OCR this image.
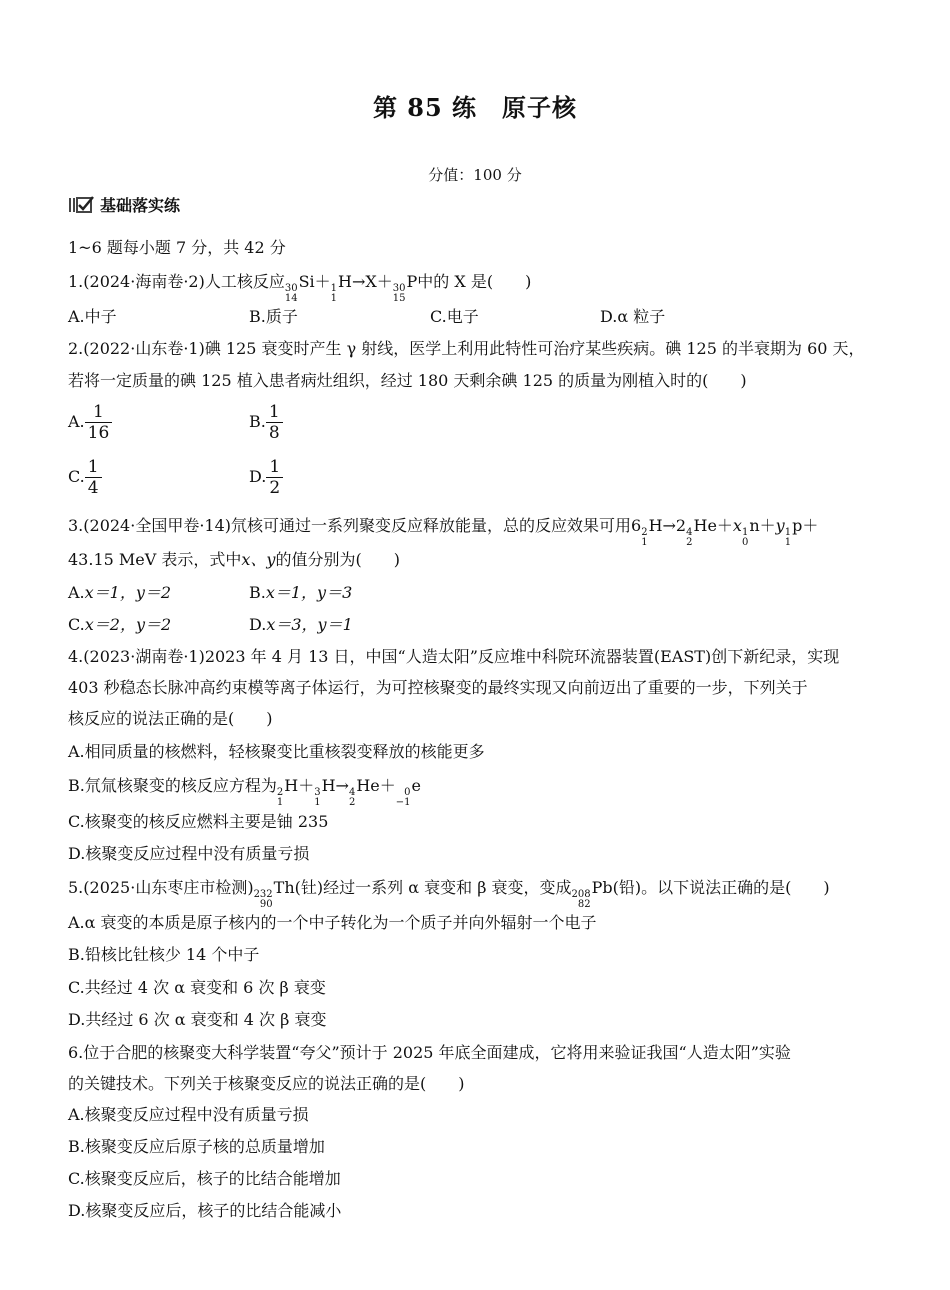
第 85 练　原子核
分值：100 分
基础落实练
1~6 题每小题 7 分，共 42 分
1.(2024·海南卷·2)人工核反应 30
14
Si＋ 1
1
H→X＋ 30
15
P中的 X 是(　　)
A.中子	B.质子	C.电子	D.α 粒子
2.(2022·山东卷·1)碘 125 衰变时产生 γ 射线，医学上利用此特性可治疗某些疾病。碘 125 的半衰期为 60 天，
若将一定质量的碘 125 植入患者病灶组织，经过 180 天剩余碘 125 的质量为刚植入时的(　　)
A. $\frac{1}{16}$	B. $\frac{1}{8}$
C. $\frac{1}{4}$	D. $\frac{1}{2}$
3.(2024·全国甲卷·14)氘核可通过一系列聚变反应释放能量，总的反应效果可用6 2
1
H→2 4
2
He＋x 1
0
n＋y 1
1
p＋
43.15 MeV 表示，式中x、y的值分别为(　　)
A.x＝1，y＝2	B.x＝1，y＝3
C.x＝2，y＝2	D.x＝3，y＝1
4.(2023·湖南卷·1)2023 年 4 月 13 日，中国“人造太阳”反应堆中科院环流器装置(EAST)创下新纪录，实现
403 秒稳态长脉冲高约束模等离子体运行，为可控核聚变的最终实现又向前迈出了重要的一步，下列关于
核反应的说法正确的是(　　)
A.相同质量的核燃料，轻核聚变比重核裂变释放的核能更多
B.氘氚核聚变的核反应方程为 2
1
H＋ 3
1
H→ 4
2
He＋ 0
−1
e
C.核聚变的核反应燃料主要是铀 235
D.核聚变反应过程中没有质量亏损
5.(2025·山东枣庄市检测) 232
90
Th(钍)经过一系列 α 衰变和 β 衰变，变成 208
82
Pb(铅)。以下说法正确的是(　　)
A.α 衰变的本质是原子核内的一个中子转化为一个质子并向外辐射一个电子
B.铅核比钍核少 14 个中子
C.共经过 4 次 α 衰变和 6 次 β 衰变
D.共经过 6 次 α 衰变和 4 次 β 衰变
6.位于合肥的核聚变大科学装置“夸父”预计于 2025 年底全面建成，它将用来验证我国“人造太阳”实验
的关键技术。下列关于核聚变反应的说法正确的是(　　)
A.核聚变反应过程中没有质量亏损
B.核聚变反应后原子核的总质量增加
C.核聚变反应后，核子的比结合能增加
D.核聚变反应后，核子的比结合能减小
